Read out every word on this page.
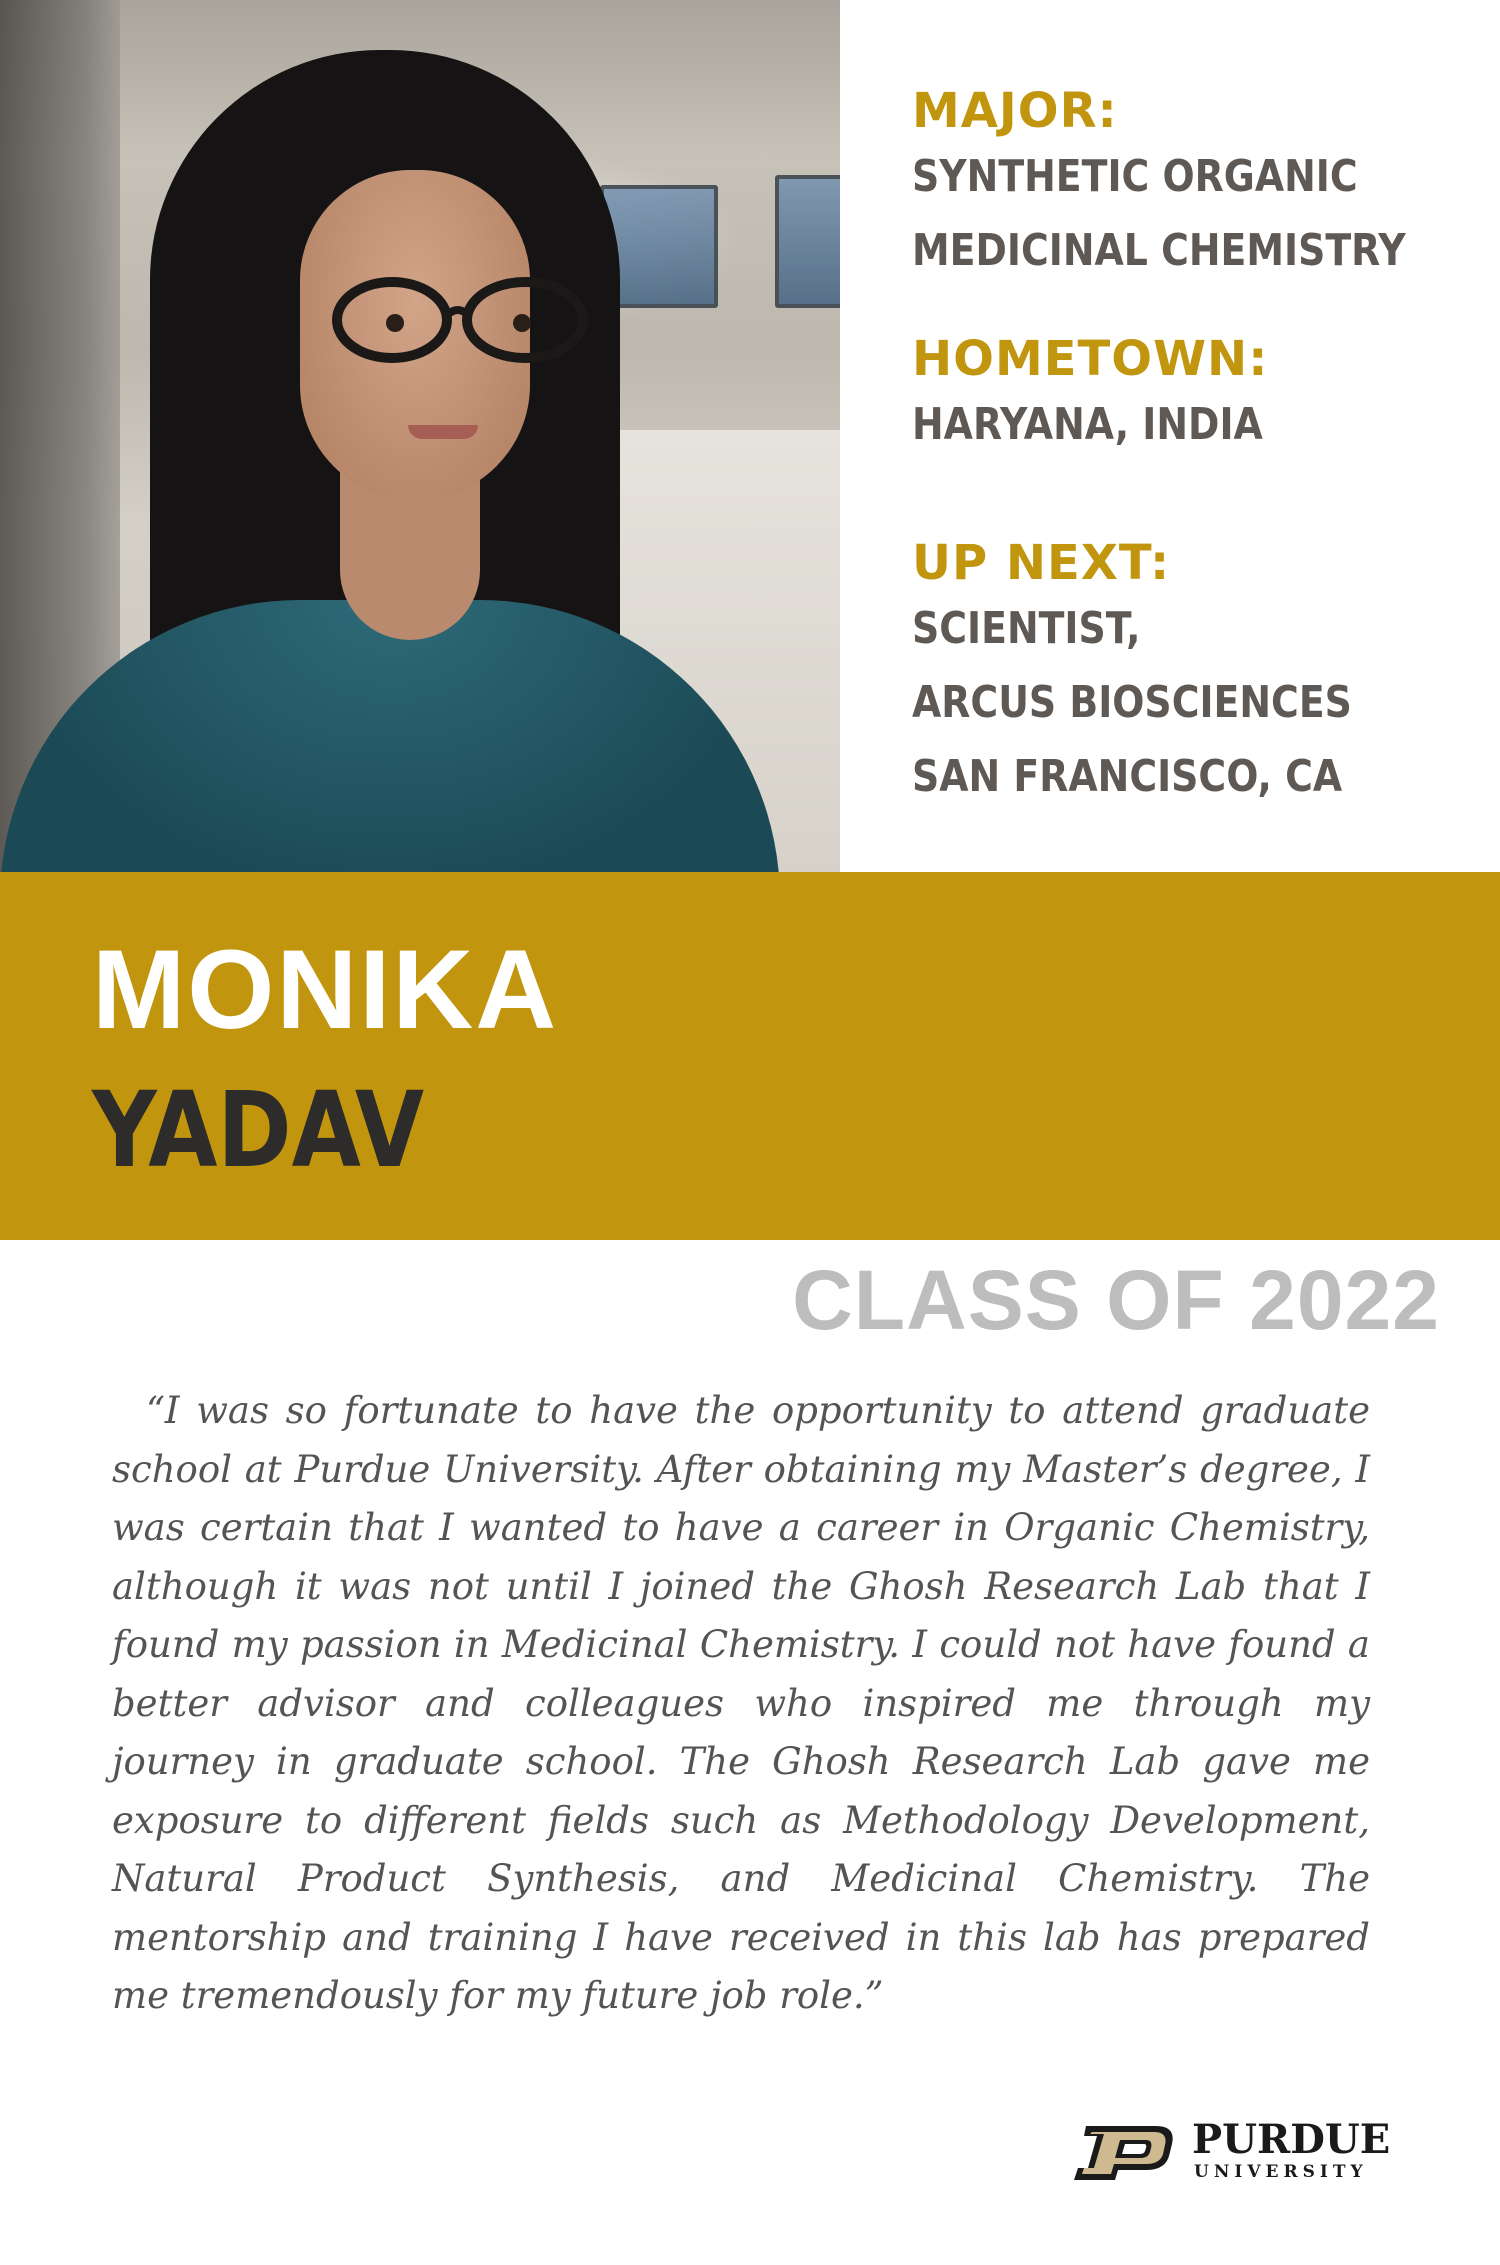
MAJOR:

SYNTHETIC ORGANIC

MEDICINAL CHEMISTRY

HOMETOWN:

HARYANA, INDIA

UP NEXT:

SCIENTIST,

ARCUS BIOSCIENCES

SAN FRANCISCO, CA

MONIKA

YADAV

CLASS OF 2022

“I was so fortunate to have the opportunity to attend graduate school at Purdue University. After obtaining my Master’s degree, I was certain that I wanted to have a career in Organic Chemistry, although it was not until I joined the Ghosh Research Lab that I found my passion in Medicinal Chemistry. I could not have found a better advisor and colleagues who inspired me through my journey in graduate school. The Ghosh Research Lab gave me exposure to different fields such as Methodology Development, Natural Product Synthesis, and Medicinal Chemistry. The mentorship and training I have received in this lab has prepared me tremendously for my future job role.”

PURDUE

UNIVERSITY
